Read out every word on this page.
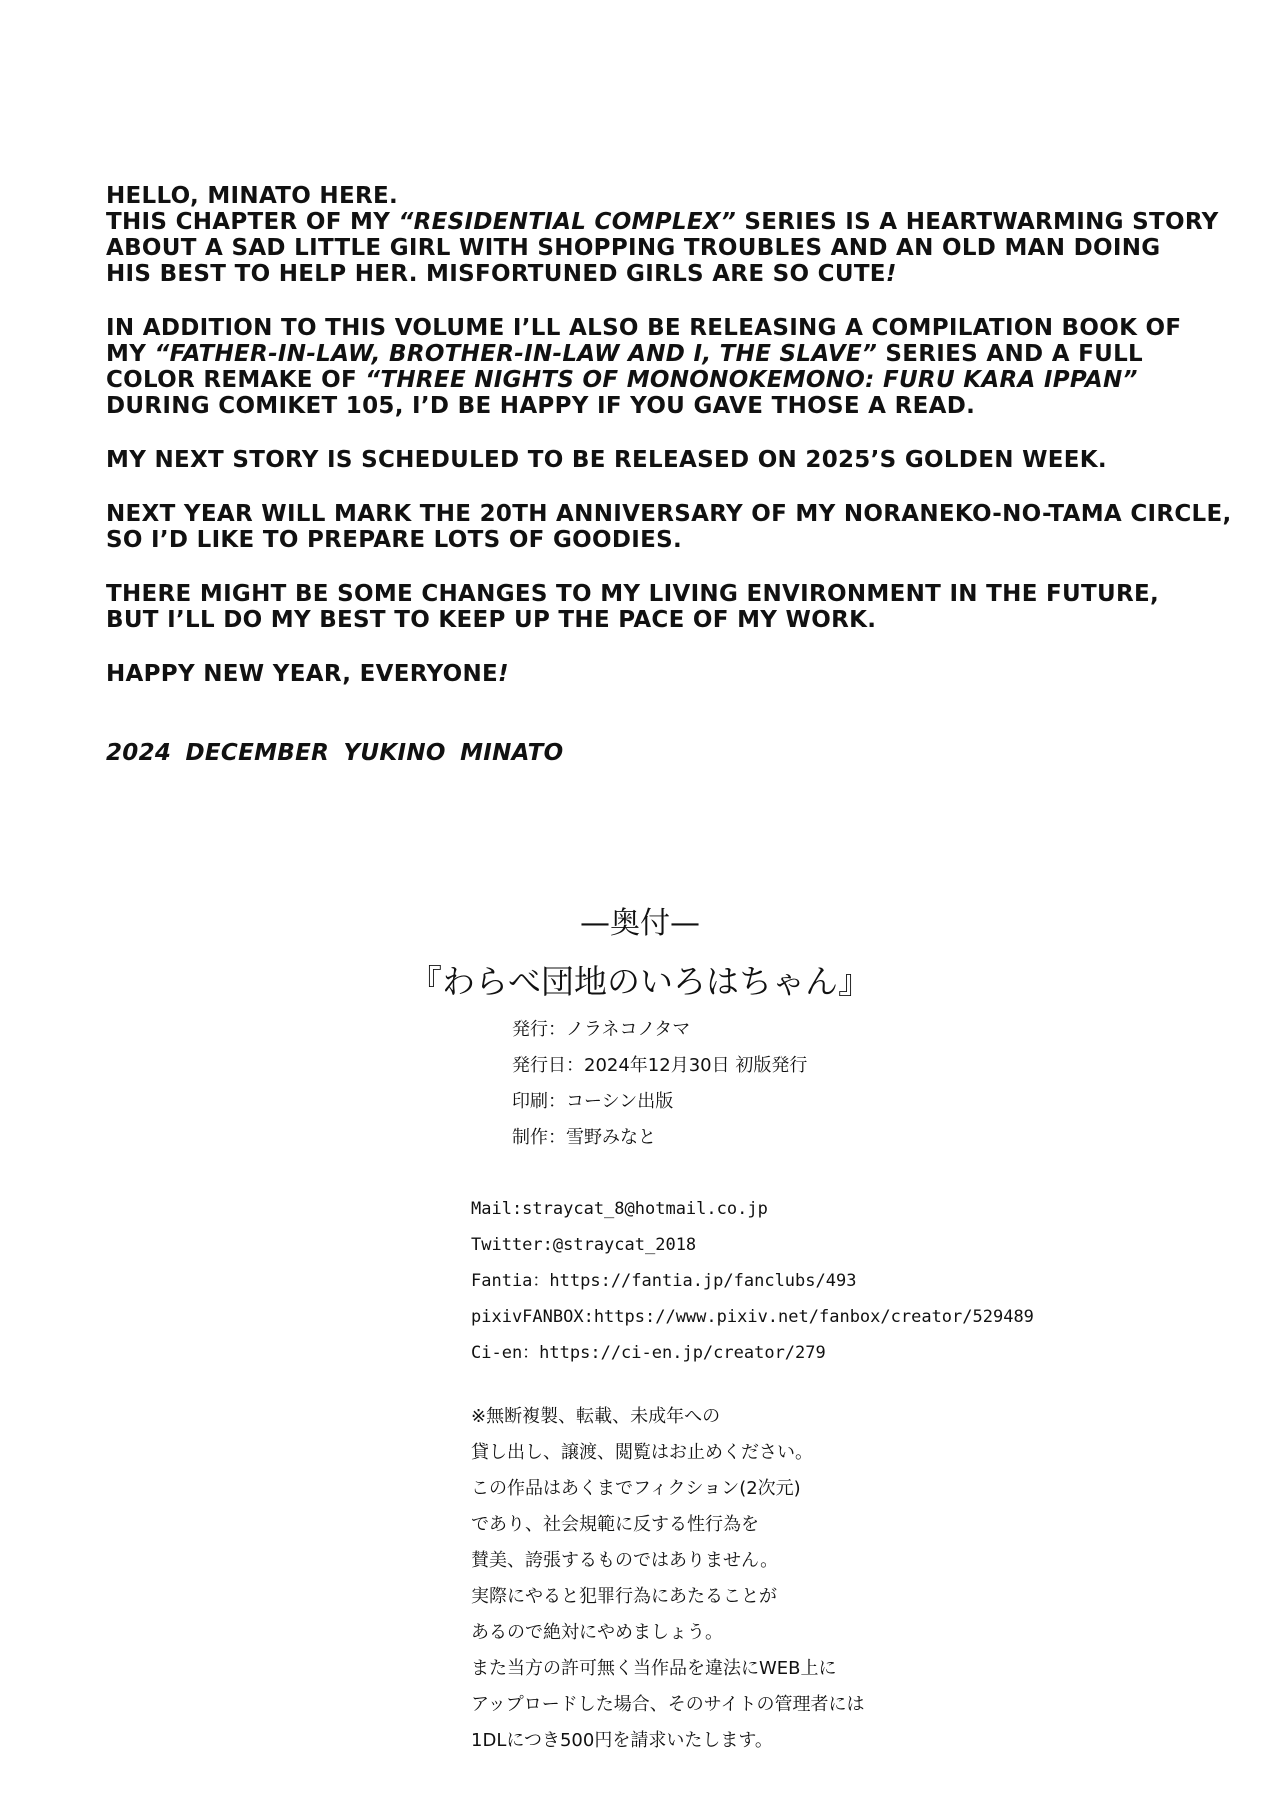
HELLO, MINATO HERE.
THIS CHAPTER OF MY “RESIDENTIAL COMPLEX” SERIES IS A HEARTWARMING STORY
ABOUT A SAD LITTLE GIRL WITH SHOPPING TROUBLES AND AN OLD MAN DOING
HIS BEST TO HELP HER. MISFORTUNED GIRLS ARE SO CUTE!

IN ADDITION TO THIS VOLUME I’LL ALSO BE RELEASING A COMPILATION BOOK OF
MY “FATHER-IN-LAW, BROTHER-IN-LAW AND I, THE SLAVE” SERIES AND A FULL
COLOR REMAKE OF “THREE NIGHTS OF MONONOKEMONO: FURU KARA IPPAN”
DURING COMIKET 105, I’D BE HAPPY IF YOU GAVE THOSE A READ.

MY NEXT STORY IS SCHEDULED TO BE RELEASED ON 2025’S GOLDEN WEEK.

NEXT YEAR WILL MARK THE 20TH ANNIVERSARY OF MY NORANEKO-NO-TAMA CIRCLE,
SO I’D LIKE TO PREPARE LOTS OF GOODIES.

THERE MIGHT BE SOME CHANGES TO MY LIVING ENVIRONMENT IN THE FUTURE,
BUT I’LL DO MY BEST TO KEEP UP THE PACE OF MY WORK.

HAPPY NEW YEAR, EVERYONE!

2024 DECEMBER YUKINO MINATO
—奥付—
『わらべ団地のいろはちゃん』
発行：ノラネコノタマ
発行日：2024年12月30日 初版発行
印刷：コーシン出版
制作：雪野みなと
Mail:straycat_8@hotmail.co.jp
Twitter:@straycat_2018
Fantia：https://fantia.jp/fanclubs/493
pixivFANBOX:https://www.pixiv.net/fanbox/creator/529489
Ci-en：https://ci-en.jp/creator/279
※無断複製、転載、未成年への
貸し出し、譲渡、閲覧はお止めください。
この作品はあくまでフィクション(2次元)
であり、社会規範に反する性行為を
賛美、誇張するものではありません。
実際にやると犯罪行為にあたることが
あるので絶対にやめましょう。
また当方の許可無く当作品を違法にWEB上に
アップロードした場合、そのサイトの管理者には
1DLにつき500円を請求いたします。
